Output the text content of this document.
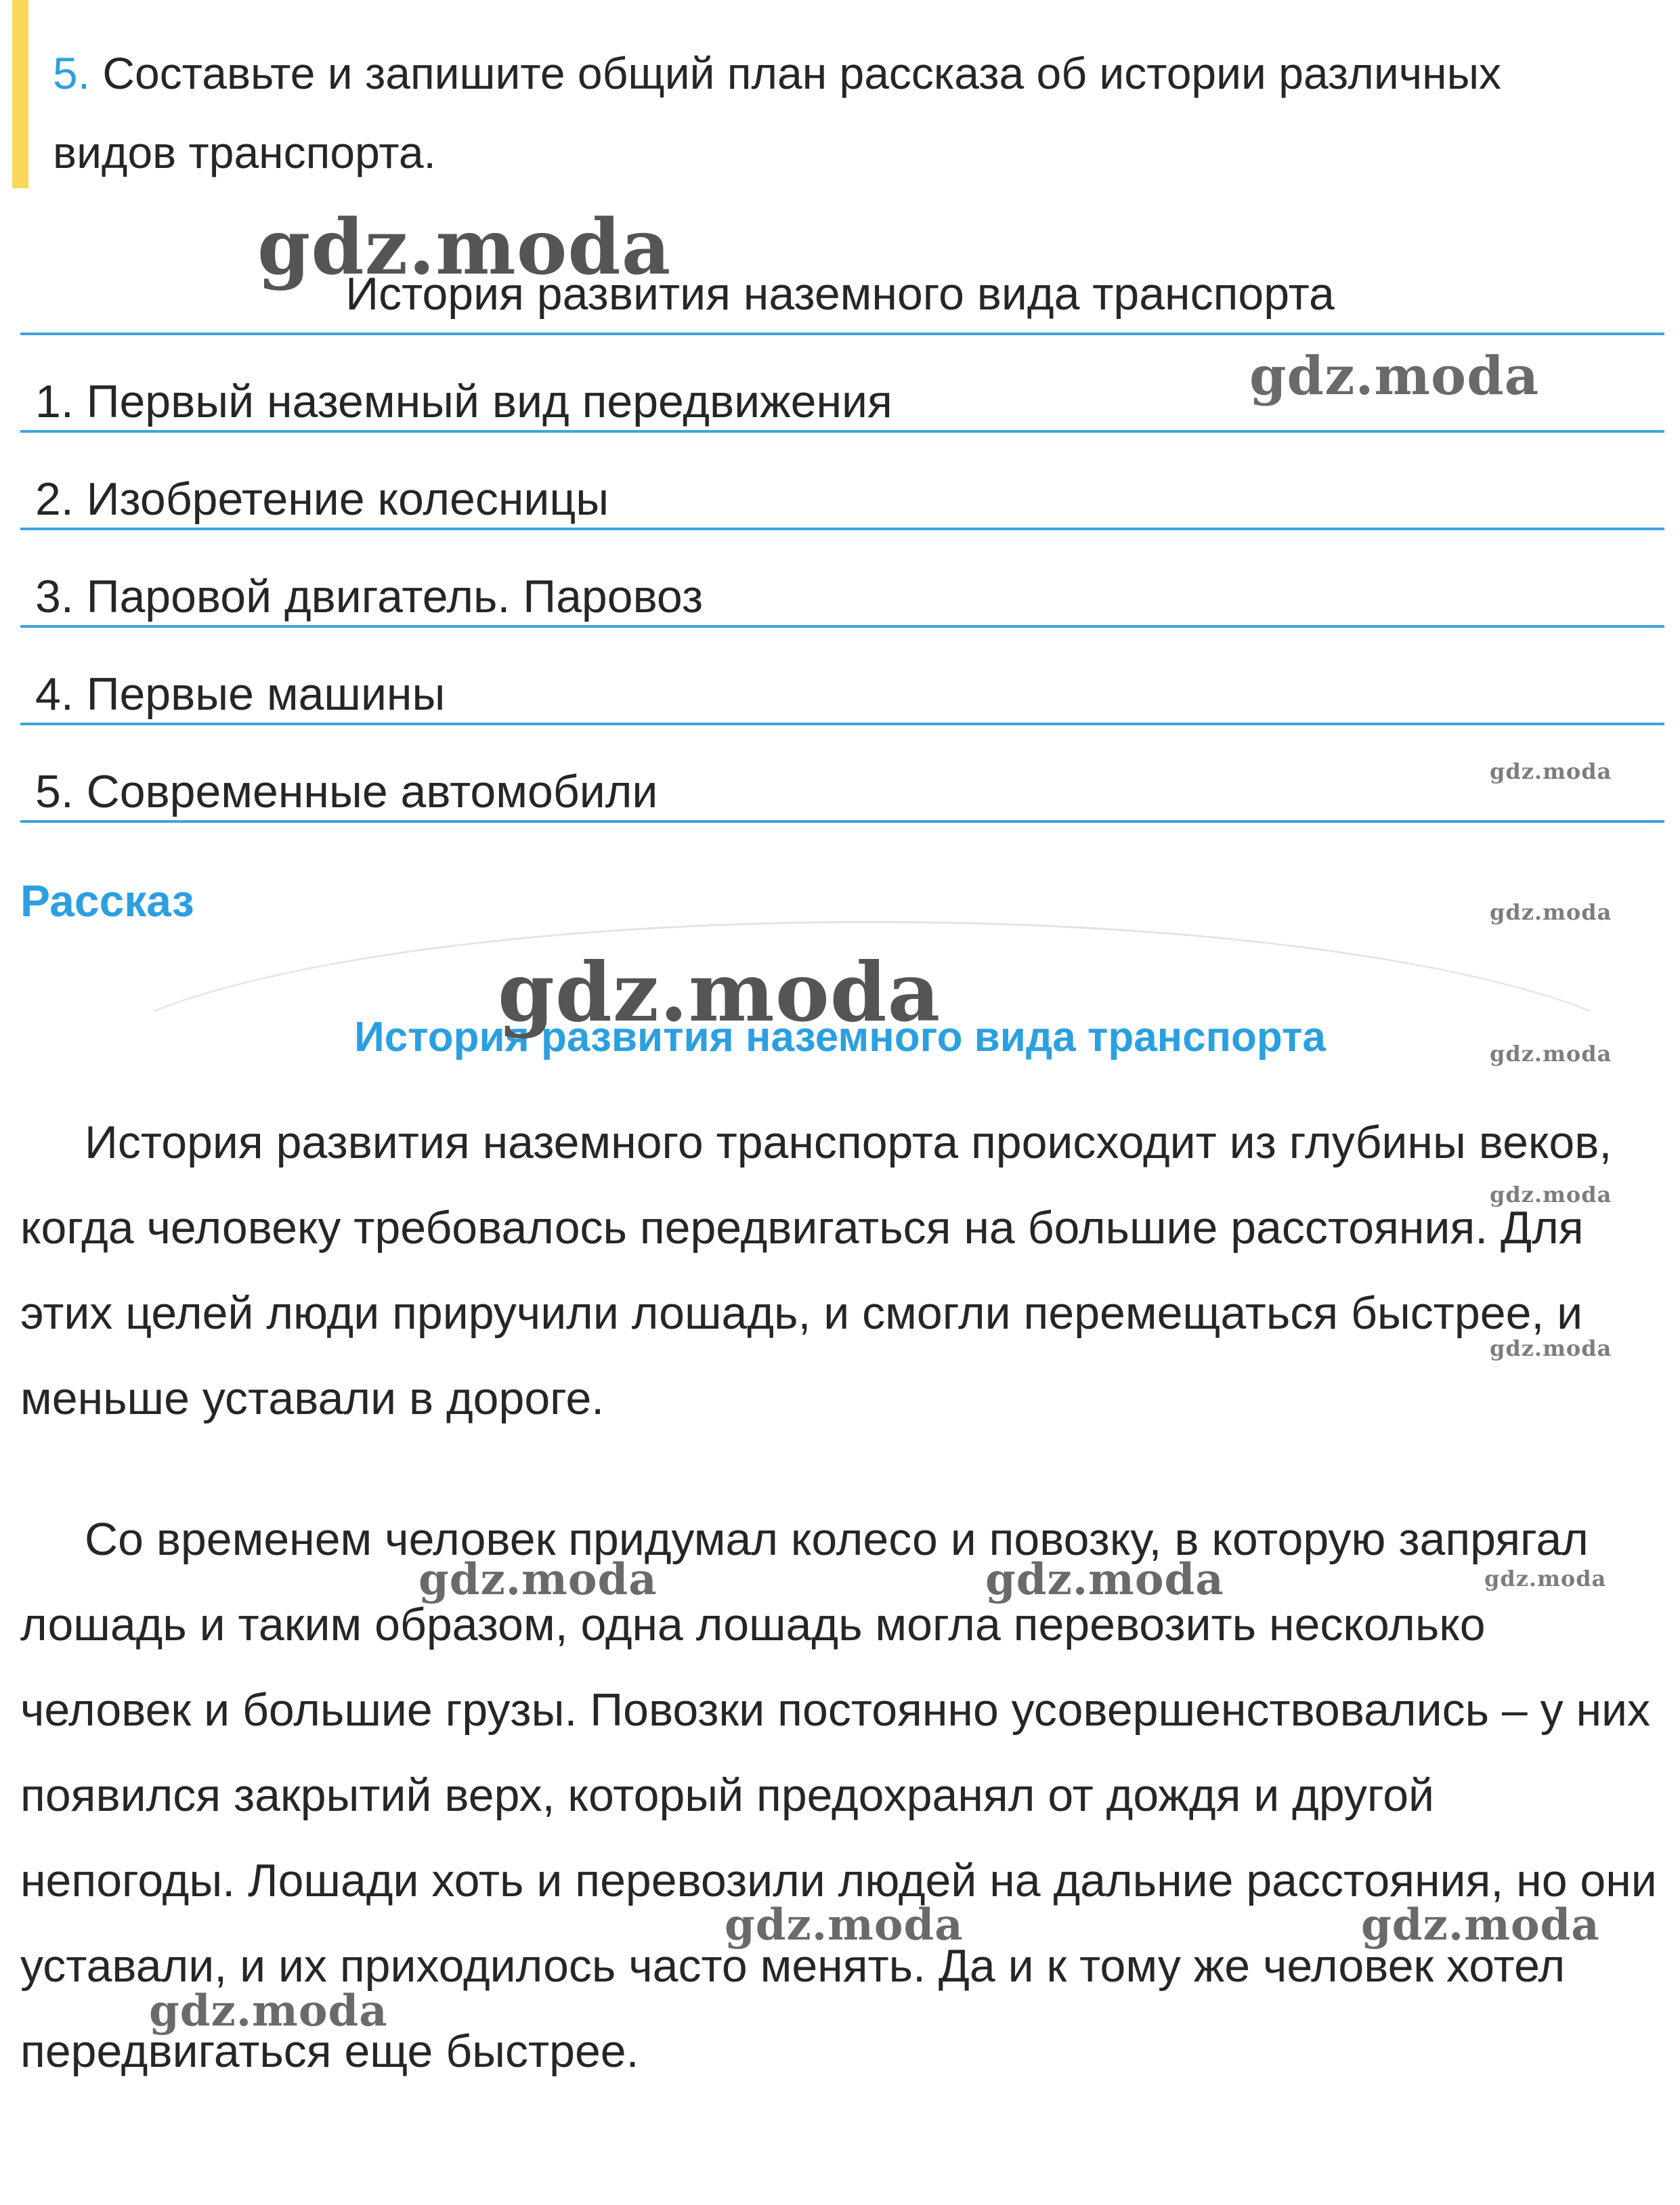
5. Составьте и запишите общий план рассказа об истории различных видов транспорта.
История развития наземного вида транспорта
1. Первый наземный вид передвижения
2. Изобретение колесницы
3. Паровой двигатель. Паровоз
4. Первые машины
5. Современные автомобили
Рассказ
История развития наземного вида транспорта

История развития наземного транспорта происходит из глубины веков, когда человеку требовалось передвигаться на большие расстояния. Для этих целей люди приручили лошадь, и смогли перемещаться быстрее, и меньше уставали в дороге.

Со временем человек придумал колесо и повозку, в которую запрягал лошадь и таким образом, одна лошадь могла перевозить несколько человек и большие грузы. Повозки постоянно усовершенствовались – у них появился закрытий верх, который предохранял от дождя и другой непогоды. Лошади хоть и перевозили людей на дальние расстояния, но они уставали, и их приходилось часто менять. Да и к тому же человек хотел передвигаться еще быстрее.

gdz.moda
gdz.moda
gdz.moda
gdz.moda
gdz.moda
gdz.moda
gdz.moda
gdz.moda
gdz.moda	gdz.moda	gdz.moda
gdz.moda	gdz.moda
gdz.moda
